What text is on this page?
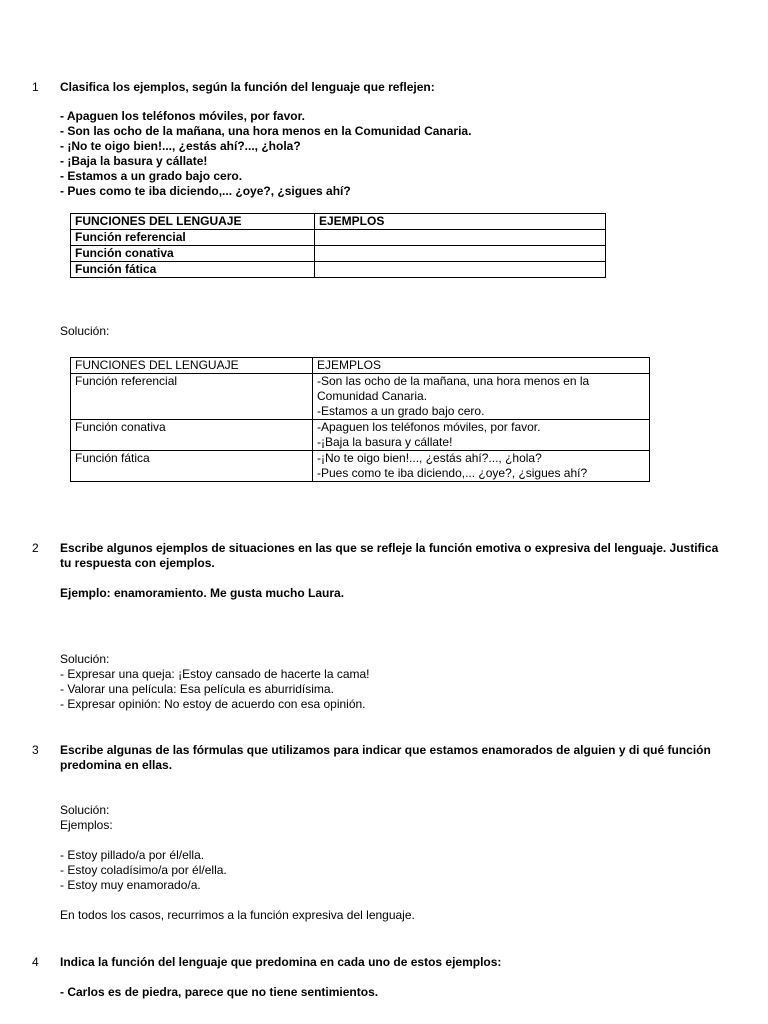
1 Clasifica los ejemplos, según la función del lenguaje que reflejen:
- Apaguen los teléfonos móviles, por favor.
- Son las ocho de la mañana, una hora menos en la Comunidad Canaria.
- ¡No te oigo bien!..., ¿estás ahí?..., ¿hola?
- ¡Baja la basura y cállate!
- Estamos a un grado bajo cero.
- Pues como te iba diciendo,... ¿oye?, ¿sigues ahí?
FUNCIONES DEL LENGUAJE	EJEMPLOS
Función referencial	
Función conativa	
Función fática	
Solución:
FUNCIONES DEL LENGUAJE	EJEMPLOS
Función referencial	-Son las ocho de la mañana, una hora menos en la
Comunidad Canaria.
-Estamos a un grado bajo cero.

Función conativa	-Apaguen los teléfonos móviles, por favor.
-¡Baja la basura y cállate!

Función fática	-¡No te oigo bien!..., ¿estás ahí?..., ¿hola?
-Pues como te iba diciendo,... ¿oye?, ¿sigues ahí?
2 Escribe algunos ejemplos de situaciones en las que se refleje la función emotiva o expresiva del lenguaje. Justifica tu respuesta con ejemplos.
Ejemplo: enamoramiento. Me gusta mucho Laura.
Solución:
- Expresar una queja: ¡Estoy cansado de hacerte la cama!
- Valorar una película: Esa película es aburridísima.
- Expresar opinión: No estoy de acuerdo con esa opinión.
3 Escribe algunas de las fórmulas que utilizamos para indicar que estamos enamorados de alguien y di qué función predomina en ellas.
Solución:
Ejemplos:
- Estoy pillado/a por él/ella.
- Estoy coladísimo/a por él/ella.
- Estoy muy enamorado/a.
En todos los casos, recurrimos a la función expresiva del lenguaje.
4 Indica la función del lenguaje que predomina en cada uno de estos ejemplos:
- Carlos es de piedra, parece que no tiene sentimientos.
